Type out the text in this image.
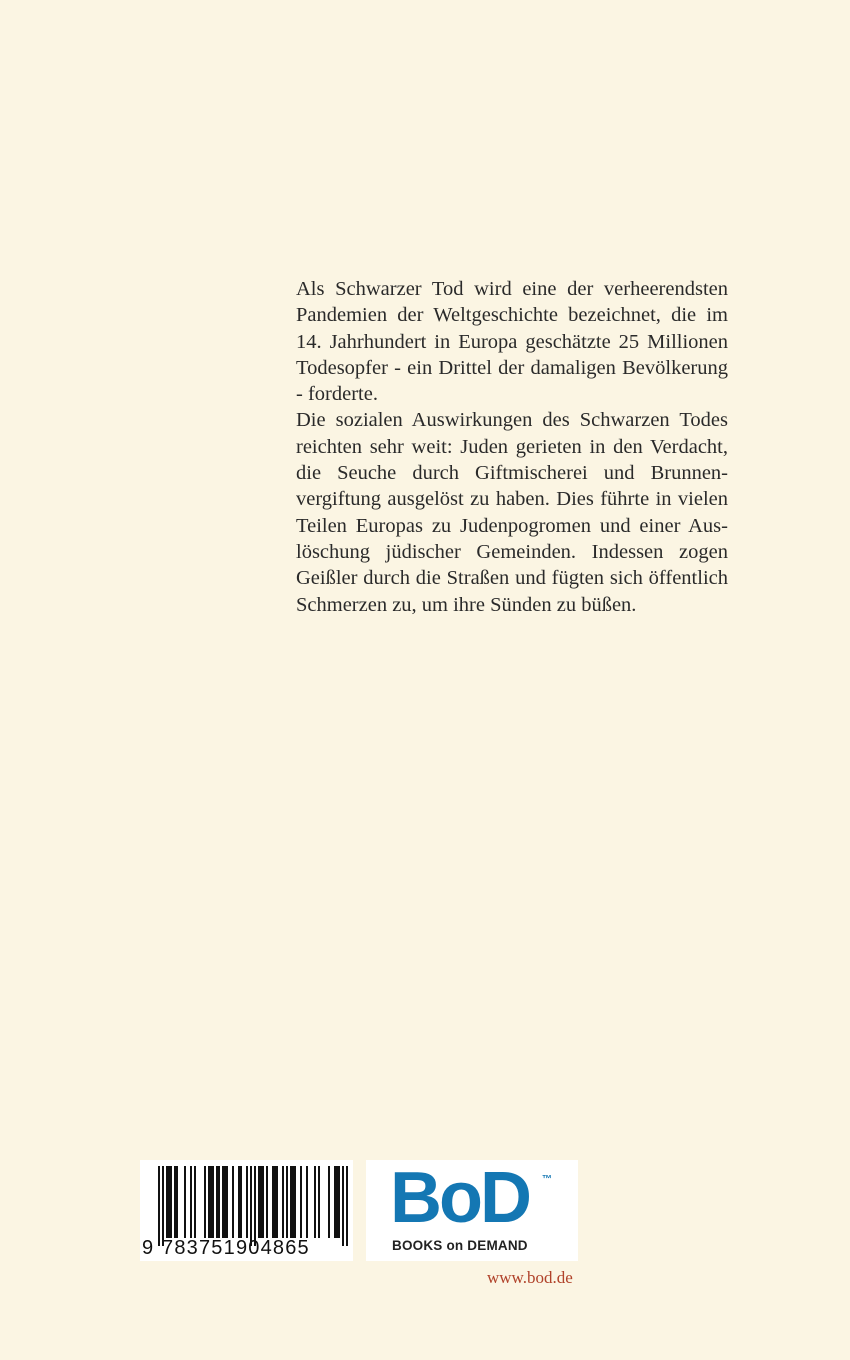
Als Schwarzer Tod wird eine der verheerendsten Pandemien der Weltgeschichte bezeichnet, die im 14. Jahrhundert in Europa geschätzte 25 Millionen Todesopfer - ein Drittel der damaligen Bevölkerung - forderte.

Die sozialen Auswirkungen des Schwarzen Todes reichten sehr weit: Juden gerieten in den Verdacht, die Seuche durch Giftmischerei und Brunnenvergiftung ausgelöst zu haben. Dies führte in vielen Teilen Europas zu Judenpogromen und einer Auslöschung jüdischer Gemeinden. Indessen zogen Geißler durch die Straßen und fügten sich öffentlich Schmerzen zu, um ihre Sünden zu büßen.

9 783751904865
BoD ™
BOOKS on DEMAND
www.bod.de
